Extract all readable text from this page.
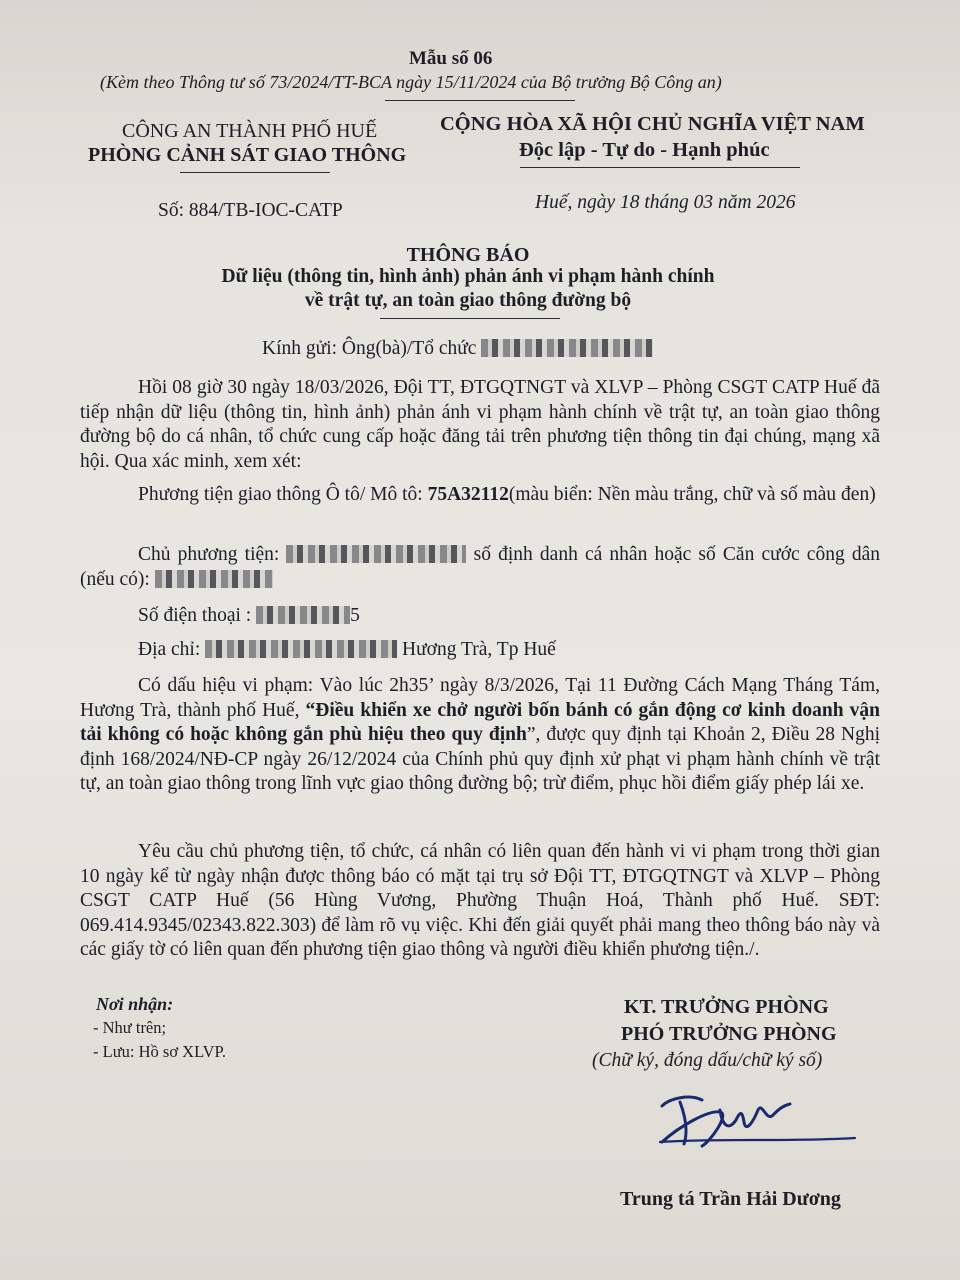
Mẫu số 06
(Kèm theo Thông tư số 73/2024/TT-BCA ngày 15/11/2024 của Bộ trưởng Bộ Công an)
CÔNG AN THÀNH PHỐ HUẾ
PHÒNG CẢNH SÁT GIAO THÔNG
CỘNG HÒA XÃ HỘI CHỦ NGHĨA VIỆT NAM
Độc lập - Tự do - Hạnh phúc
Số: 884/TB-IOC-CATP	Huế, ngày 18 tháng 03 năm 2026
THÔNG BÁO
Dữ liệu (thông tin, hình ảnh) phản ánh vi phạm hành chính
về trật tự, an toàn giao thông đường bộ
Kính gửi: Ông(bà)/Tổ chức
Hồi 08 giờ 30 ngày 18/03/2026, Đội TT, ĐTGQTNGT và XLVP – Phòng CSGT CATP Huế đã tiếp nhận dữ liệu (thông tin, hình ảnh) phản ánh vi phạm hành chính về trật tự, an toàn giao thông đường bộ do cá nhân, tổ chức cung cấp hoặc đăng tải trên phương tiện thông tin đại chúng, mạng xã hội. Qua xác minh, xem xét:
Phương tiện giao thông Ô tô/ Mô tô: 75A32112(màu biển: Nền màu trắng, chữ và số màu đen)
Chủ phương tiện:	số định danh cá nhân hoặc số Căn cước công dân (nếu có):
Số điện thoại :	5
Địa chỉ:	Hương Trà, Tp Huế
Có dấu hiệu vi phạm: Vào lúc 2h35’ ngày 8/3/2026, Tại 11 Đường Cách Mạng Tháng Tám, Hương Trà, thành phố Huế, “Điều khiển xe chở người bốn bánh có gắn động cơ kinh doanh vận tải không có hoặc không gắn phù hiệu theo quy định”, được quy định tại Khoản 2, Điều 28 Nghị định 168/2024/NĐ-CP ngày 26/12/2024 của Chính phủ quy định xử phạt vi phạm hành chính về trật tự, an toàn giao thông trong lĩnh vực giao thông đường bộ; trừ điểm, phục hồi điểm giấy phép lái xe.
Yêu cầu chủ phương tiện, tổ chức, cá nhân có liên quan đến hành vi vi phạm trong thời gian 10 ngày kể từ ngày nhận được thông báo có mặt tại trụ sở Đội TT, ĐTGQTNGT và XLVP – Phòng CSGT CATP Huế (56 Hùng Vương, Phường Thuận Hoá, Thành phố Huế. SĐT: 069.414.9345/02343.822.303) để làm rõ vụ việc. Khi đến giải quyết phải mang theo thông báo này và các giấy tờ có liên quan đến phương tiện giao thông và người điều khiển phương tiện./.
Nơi nhận:
- Như trên;
- Lưu: Hồ sơ XLVP.
KT. TRƯỞNG PHÒNG
PHÓ TRƯỞNG PHÒNG
(Chữ ký, đóng dấu/chữ ký số)
Trung tá Trần Hải Dương
